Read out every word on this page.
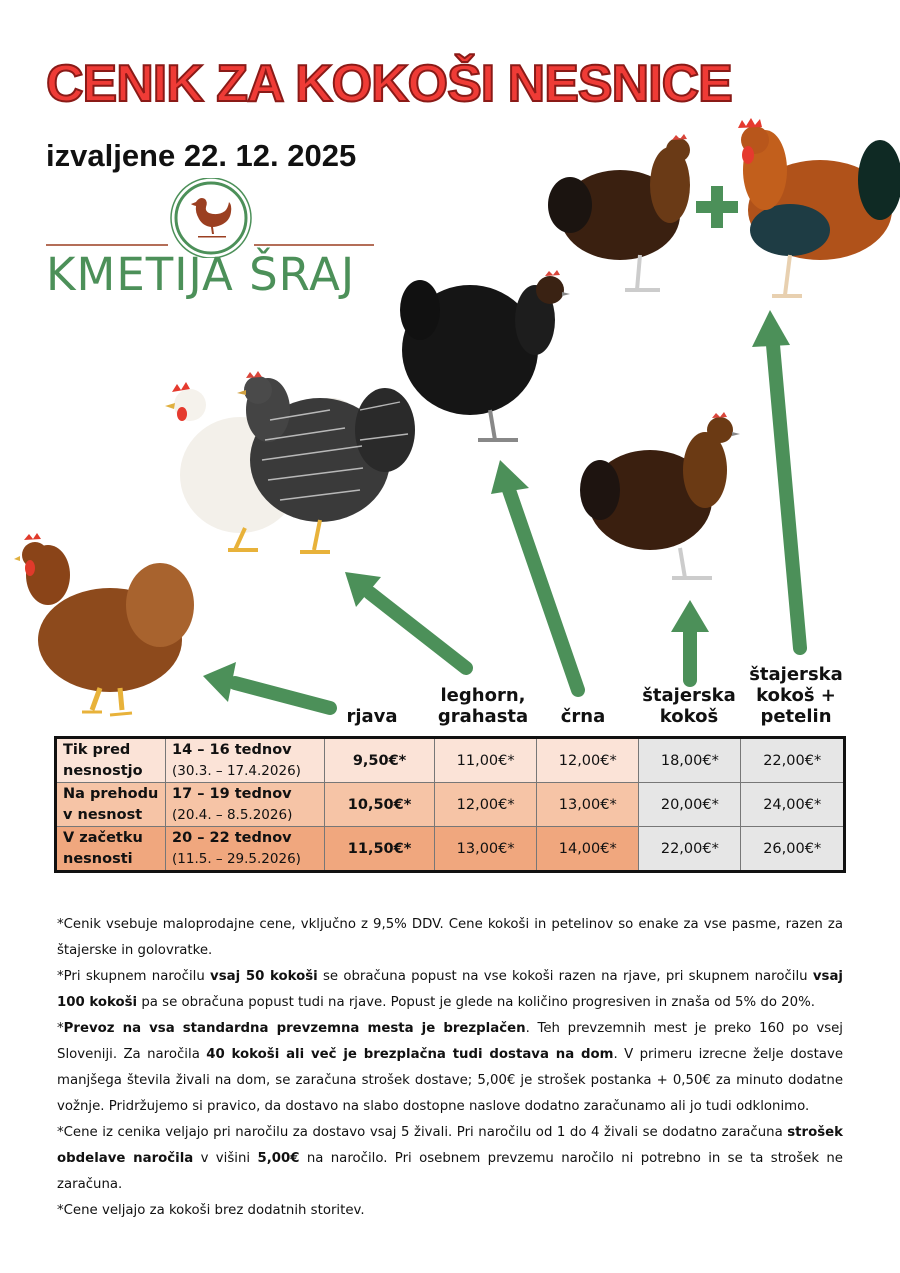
CENIK ZA KOKOŠI NESNICE
izvaljene 22. 12. 2025
KMETIJA ŠRAJ
rjava
leghorn,
grahasta	črna
štajerska
kokoš
štajerska
kokoš +
petelin
Tik pred
nesnostjo	14 – 16 tednov
(30.3. – 17.4.2026)	9,50€*	11,00€*	12,00€*	18,00€*	22,00€*
Na prehodu
v nesnost	17 – 19 tednov
(20.4. – 8.5.2026)	10,50€*	12,00€*	13,00€*	20,00€*	24,00€*
V začetku
nesnosti	20 – 22 tednov
(11.5. – 29.5.2026)	11,50€*	13,00€*	14,00€*	22,00€*	26,00€*

*Cenik vsebuje maloprodajne cene, vključno z 9,5% DDV. Cene kokoši in petelinov so enake za vse pasme, razen za štajerske in golovratke.

*Pri skupnem naročilu vsaj 50 kokoši se obračuna popust na vse kokoši razen na rjave, pri skupnem naročilu vsaj 100 kokoši pa se obračuna popust tudi na rjave. Popust je glede na količino progresiven in znaša od 5% do 20%.

*Prevoz na vsa standardna prevzemna mesta je brezplačen. Teh prevzemnih mest je preko 160 po vsej Sloveniji. Za naročila 40 kokoši ali več je brezplačna tudi dostava na dom. V primeru izrecne želje dostave manjšega števila živali na dom, se zaračuna strošek dostave; 5,00€ je strošek postanka + 0,50€ za minuto dodatne vožnje. Pridržujemo si pravico, da dostavo na slabo dostopne naslove dodatno zaračunamo ali jo tudi odklonimo.

*Cene iz cenika veljajo pri naročilu za dostavo vsaj 5 živali. Pri naročilu od 1 do 4 živali se dodatno zaračuna strošek obdelave naročila v višini 5,00€ na naročilo. Pri osebnem prevzemu naročilo ni potrebno in se ta strošek ne zaračuna.

*Cene veljajo za kokoši brez dodatnih storitev.
